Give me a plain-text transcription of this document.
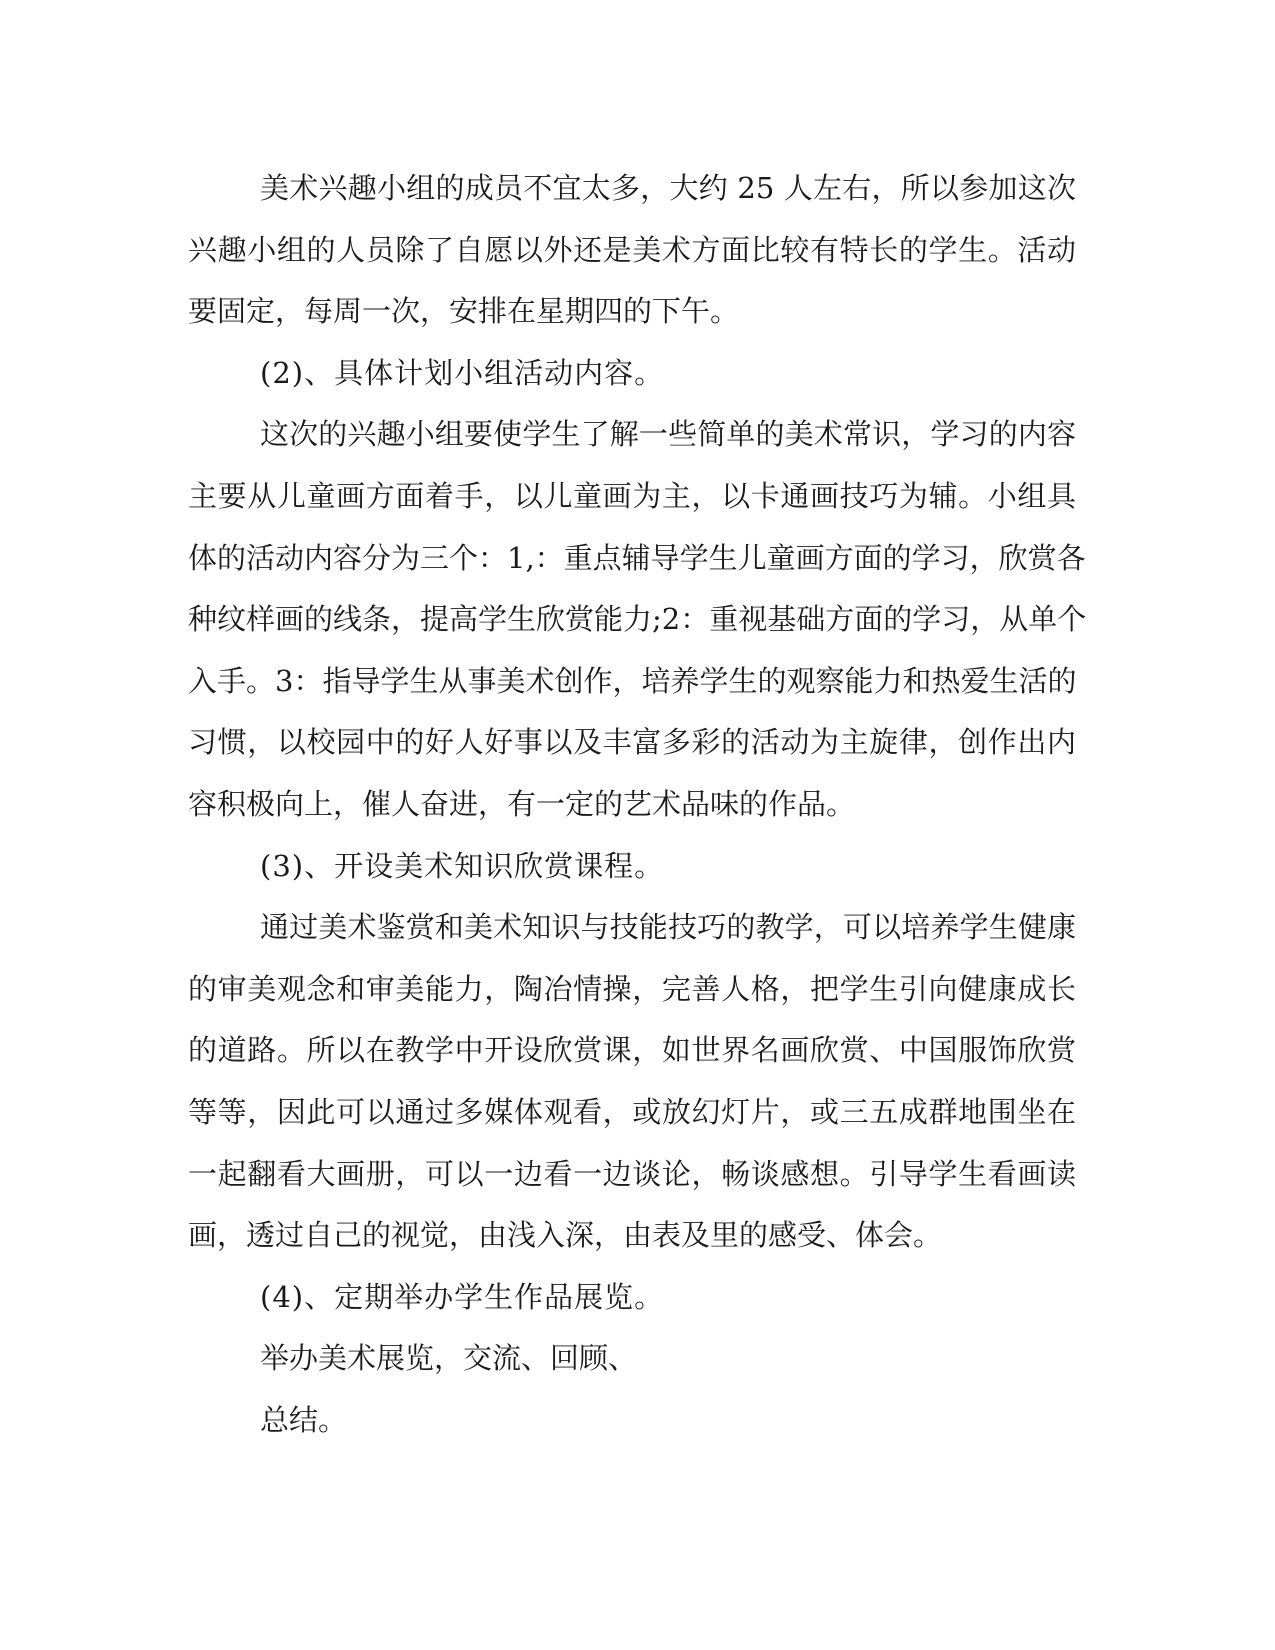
美术兴趣小组的成员不宜太多，大约 25 人左右，所以参加这次
兴趣小组的人员除了自愿以外还是美术方面比较有特长的学生。活动
要固定，每周一次，安排在星期四的下午。
(2)、具体计划小组活动内容。
这次的兴趣小组要使学生了解一些简单的美术常识，学习的内容
主要从儿童画方面着手，以儿童画为主，以卡通画技巧为辅。小组具
体的活动内容分为三个：1,：重点辅导学生儿童画方面的学习，欣赏各
种纹样画的线条，提高学生欣赏能力;2：重视基础方面的学习，从单个
入手。3：指导学生从事美术创作，培养学生的观察能力和热爱生活的
习惯，以校园中的好人好事以及丰富多彩的活动为主旋律，创作出内
容积极向上，催人奋进，有一定的艺术品味的作品。
(3)、开设美术知识欣赏课程。
通过美术鉴赏和美术知识与技能技巧的教学，可以培养学生健康
的审美观念和审美能力，陶冶情操，完善人格，把学生引向健康成长
的道路。所以在教学中开设欣赏课，如世界名画欣赏、中国服饰欣赏
等等，因此可以通过多媒体观看，或放幻灯片，或三五成群地围坐在
一起翻看大画册，可以一边看一边谈论，畅谈感想。引导学生看画读
画，透过自己的视觉，由浅入深，由表及里的感受、体会。
(4)、定期举办学生作品展览。
举办美术展览，交流、回顾、
总结。
